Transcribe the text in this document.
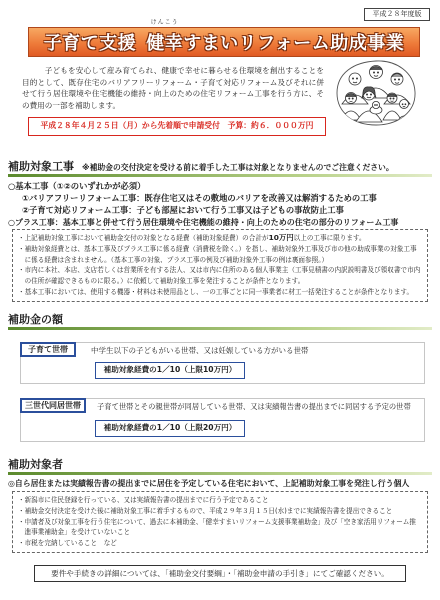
平成２８年度版
子育て支援
けんこう
健幸 すまいリフォーム助成事業

子どもを安心して産み育てられ、健康で幸せに暮らせる住環境を創出することを目的として、既存住宅のバリアフリーリフォーム・子育て対応リフォーム及びそれに併せて行う居住環境や住宅機能の維持・向上のための住宅リフォーム工事を行う方に、その費用の一部を補助します。

平成２８年４月２５日（月）から先着順で申請受付　予算：約６．０００万円
補助対象工事 ※補助金の交付決定を受ける前に着手した工事は対象となりませんのでご注意ください。
○基本工事（①②のいずれかが必須）
①バリアフリーリフォーム工事：既存住宅又はその敷地のバリアを改善又は解消するための工事
②子育て対応リフォーム工事：子ども部屋において行う工事又は子どもの事故防止工事
○プラス工事：基本工事と併せて行う居住環境や住宅機能の維持・向上のための住宅の部分のリフォーム工事
・上記補助対象工事において補助金交付の対象となる経費（補助対象経費）の合計が10万円以上の工事に限ります。
・補助対象経費とは、基本工事及びプラス工事に係る経費（消費税を除く。）を指し、補助対象外工事及び市の他の助成事業の対象工事に係る経費は含まれません。（基本工事の対象、プラス工事の例及び補助対象外工事の例は裏面参照。）
・市内に本社、本店、支店若しくは営業所を有する法人、又は市内に住所のある個人事業主（工事見積書の内訳説明書及び領収書で市内の住所が確認できるものに限る。）に依頼して補助対象工事を発注することが条件となります。
・基本工事においては、使用する機器・材料は未使用品とし、一の工事ごとに同一事業者に材工一括発注することが条件となります。
補助金の額
子育て世帯	中学生以下の子どもがいる世帯、又は妊娠している方がいる世帯
補助対象経費の1／10（上限10万円）
三世代同居世帯	子育て世帯とその親世帯が同居している世帯、又は実績報告書の提出までに同居する予定の世帯
補助対象経費の1／10（上限20万円）
補助対象者
◎自ら居住または実績報告書の提出までに居住を予定している住宅において、上記補助対象工事を発注し行う個人
・新潟市に住民登録を行っている、又は実績報告書の提出までに行う予定であること
・補助金交付決定を受けた後に補助対象工事に着手するもので、平成２９年３月１５日(水)までに実績報告書を提出できること
・申請者及び対象工事を行う住宅について、過去に本補助金、「健幸すまいリフォーム支援事業補助金」及び「空き家活用リフォーム推進事業補助金」を受けていないこと
・市税を完納していること　など
要件や手続きの詳細については、「補助金交付要綱」・「補助金申請の手引き」にてご確認ください。
